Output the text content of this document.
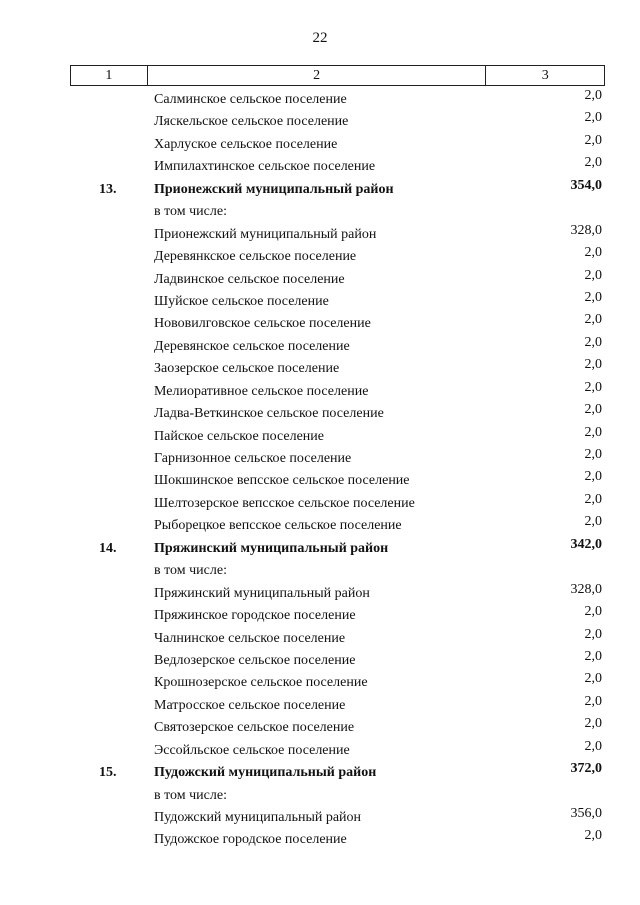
22
1	2	3
Салминское сельское поселение	2,0
Ляскельское сельское поселение	2,0
Харлуское сельское поселение	2,0
Импилахтинское сельское поселение	2,0
13.	Прионежский муниципальный район	354,0
в том числе:
Прионежский муниципальный район	328,0
Деревянкское сельское поселение	2,0
Ладвинское сельское поселение	2,0
Шуйское сельское поселение	2,0
Нововилговское сельское поселение	2,0
Деревянское сельское поселение	2,0
Заозерское сельское поселение	2,0
Мелиоративное сельское поселение	2,0
Ладва-Веткинское сельское поселение	2,0
Пайское сельское поселение	2,0
Гарнизонное сельское поселение	2,0
Шокшинское вепсское сельское поселение	2,0
Шелтозерское вепсское сельское поселение	2,0
Рыборецкое вепсское сельское поселение	2,0
14.	Пряжинский муниципальный район	342,0
в том числе:
Пряжинский муниципальный район	328,0
Пряжинское городское поселение	2,0
Чалнинское сельское поселение	2,0
Ведлозерское сельское поселение	2,0
Крошнозерское сельское поселение	2,0
Матросское сельское поселение	2,0
Святозерское сельское поселение	2,0
Эссойльское сельское поселение	2,0
15.	Пудожский муниципальный район	372,0
в том числе:
Пудожский муниципальный район	356,0
Пудожское городское поселение	2,0
